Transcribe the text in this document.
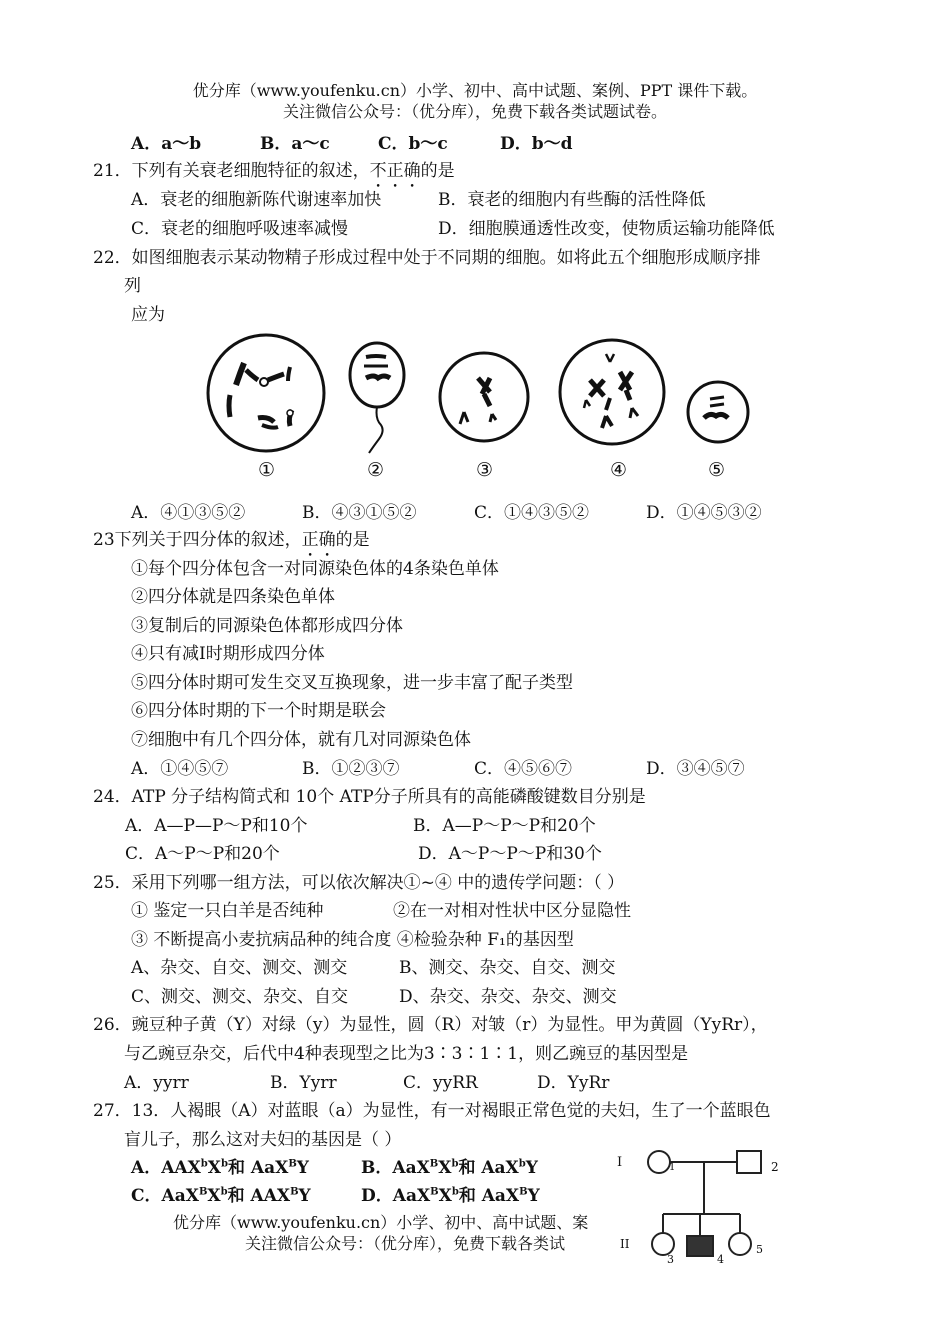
优分库（www.youfenku.cn）小学、初中、高中试题、案例、PPT 课件下载。
关注微信公众号：（优分库），免费下载各类试题试卷。
A．a～b	B．a～c	C．b～c	D．b～d
21．下列有关衰老细胞特征的叙述，不正确的是
A．衰老的细胞新陈代谢速率加快	B．衰老的细胞内有些酶的活性降低
C．衰老的细胞呼吸速率减慢	D．细胞膜通透性改变，使物质运输功能降低
22．如图细胞表示某动物精子形成过程中处于不同期的细胞。如将此五个细胞形成顺序排
列
应为
①	②	③	④	⑤
A．④①③⑤②	B．④③①⑤②	C．①④③⑤②	D．①④⑤③②
23下列关于四分体的叙述，正确的是
①每个四分体包含一对同源染色体的4条染色单体
②四分体就是四条染色单体
③复制后的同源染色体都形成四分体
④只有减Ⅰ时期形成四分体
⑤四分体时期可发生交叉互换现象，进一步丰富了配子类型
⑥四分体时期的下一个时期是联会
⑦细胞中有几个四分体，就有几对同源染色体
A．①④⑤⑦	B．①②③⑦	C．④⑤⑥⑦	D．③④⑤⑦
24．ATP 分子结构简式和 10个 ATP分子所具有的高能磷酸键数目分别是
A．A—P—P～P和10个	B．A—P～P～P和20个
C．A～P～P和20个	D．A～P～P～P和30个
25．采用下列哪一组方法，可以依次解决①~④ 中的遗传学问题：（ ）
① 鉴定一只白羊是否纯种	②在一对相对性状中区分显隐性
③ 不断提高小麦抗病品种的纯合度 ④检验杂种 F₁的基因型
A、杂交、自交、测交、测交	B、测交、杂交、自交、测交
C、测交、测交、杂交、自交	D、杂交、杂交、杂交、测交
26．豌豆种子黄（Y）对绿（y）为显性，圆（R）对皱（r）为显性。甲为黄圆（YyRr），
与乙豌豆杂交，后代中4种表现型之比为3∶3∶1∶1，则乙豌豆的基因型是
A．yyrr	B．Yyrr	C．yyRR	D．YyRr
27．13．人褐眼（A）对蓝眼（a）为显性，有一对褐眼正常色觉的夫妇，生了一个蓝眼色
盲儿子，那么这对夫妇的基因是（ ）
A．$AAX^bX^b$和 AaX$^B$Y	B．$AaX^BX^b$和 AaX$^b$Y
C．$AaX^BX^b$和 $AAX^BY$	D．$AaX^BX^b$和 AaX$^B$Y
I
II
1	2
3	4
5
优分库（www.youfenku.cn）小学、初中、高中试题、案
关注微信公众号：（优分库），免费下载各类试
